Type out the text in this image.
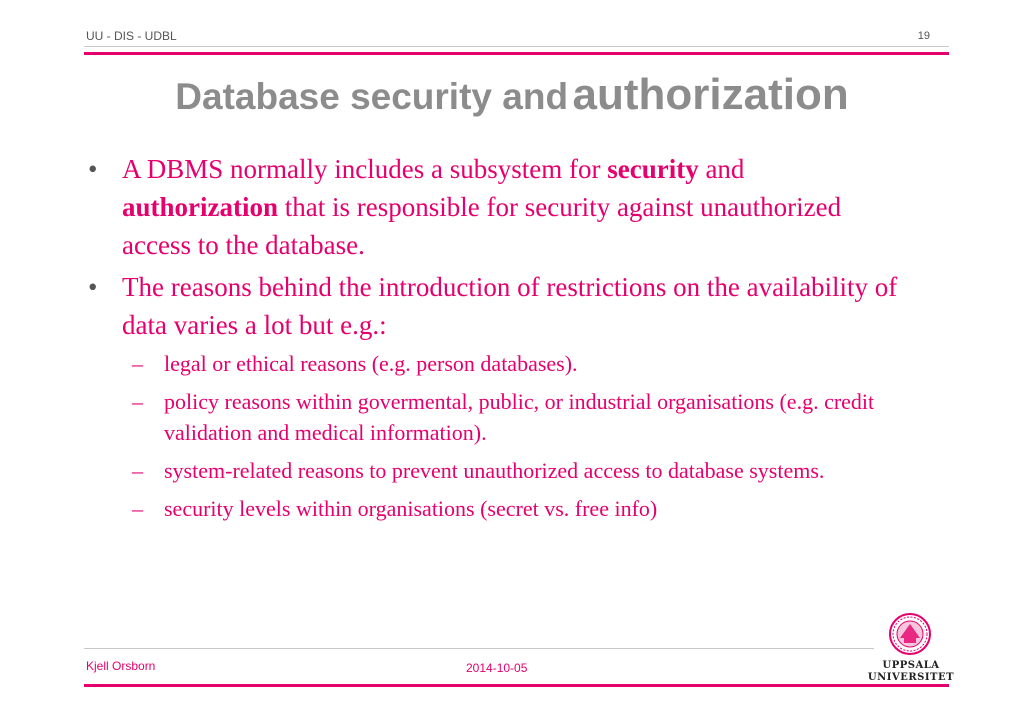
UU - DIS - UDBL	19
Database security and authorization
• A DBMS normally includes a subsystem for security and authorization that is responsible for security against unauthorized access to the database.
• The reasons behind the introduction of restrictions on the availability of data varies a lot but e.g.:
– legal or ethical reasons (e.g. person databases).
– policy reasons within govermental, public, or industrial organisations (e.g. credit validation and medical information).
– system-related reasons to prevent unauthorized access to database systems.
– security levels within organisations (secret vs. free info)
Kjell Orsborn	2014-10-05	UPPSALA
UNIVERSITET
